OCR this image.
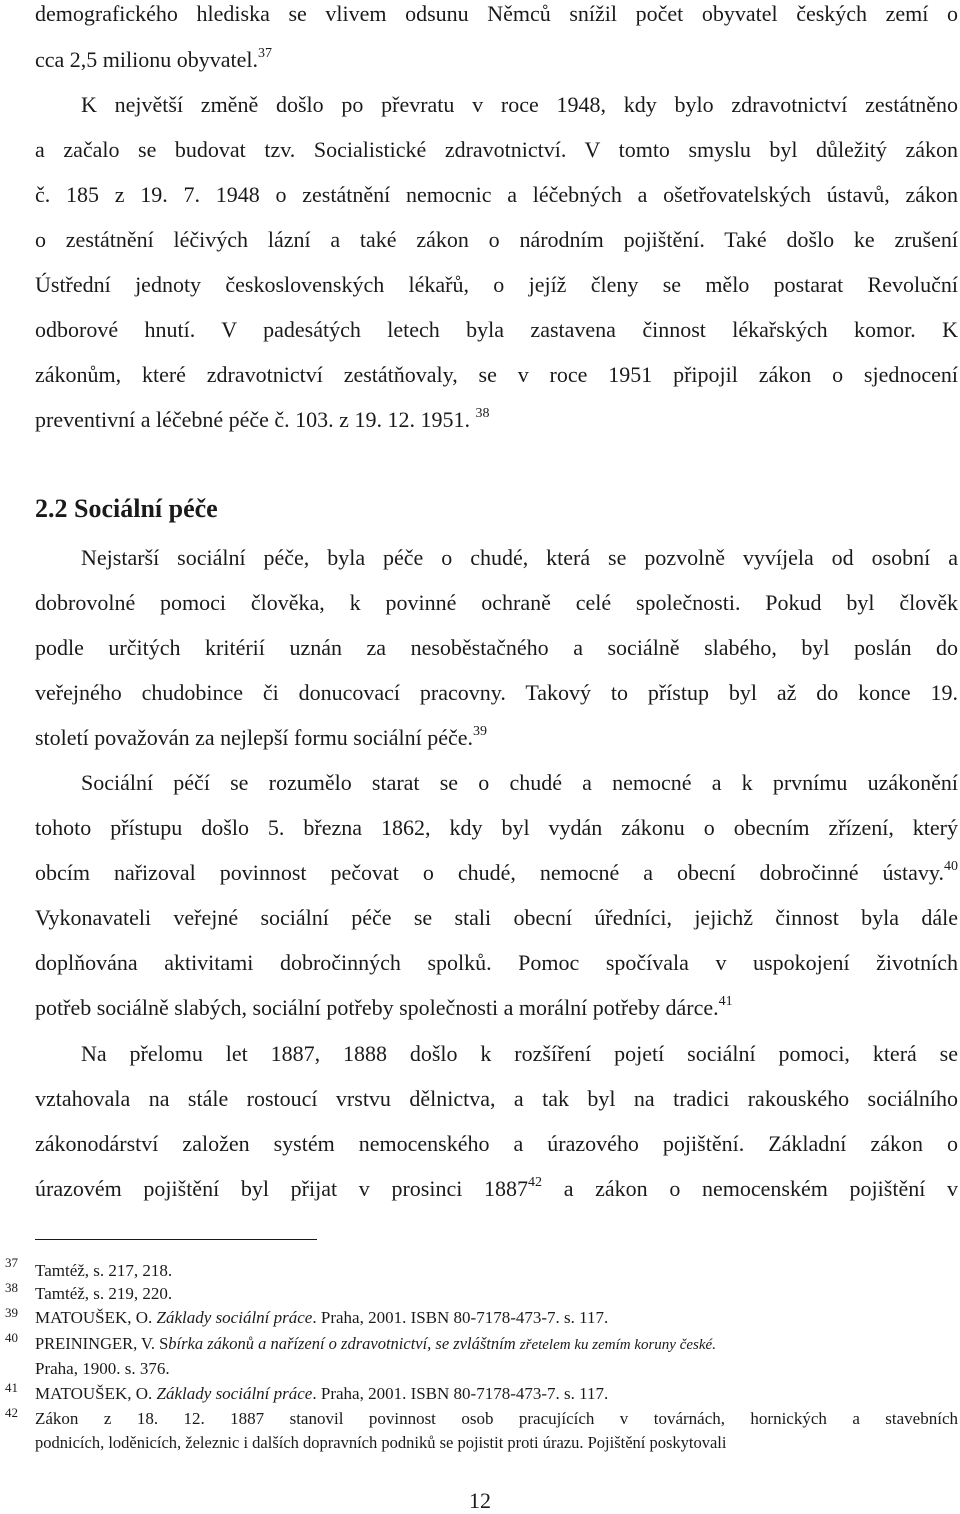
demografického hlediska se vlivem odsunu Němců snížil počet obyvatel českých zemí o
cca 2,5 milionu obyvatel.$^{37}$
K největší změně došlo po převratu v roce 1948, kdy bylo zdravotnictví zestátněno
a začalo se budovat tzv. Socialistické zdravotnictví. V tomto smyslu byl důležitý zákon
č. 185 z 19. 7. 1948 o zestátnění nemocnic a léčebných a ošetřovatelských ústavů, zákon
o zestátnění léčivých lázní a také zákon o národním pojištění. Také došlo ke zrušení
Ústřední jednoty československých lékařů, o jejíž členy se mělo postarat Revoluční
odborové hnutí. V padesátých letech byla zastavena činnost lékařských komor. K
zákonům, které zdravotnictví zestátňovaly, se v roce 1951 připojil zákon o sjednocení
preventivní a léčebné péče č. 103. z 19. 12. 1951. $^{38}$
2.2 Sociální péče
Nejstarší sociální péče, byla péče o chudé, která se pozvolně vyvíjela od osobní a
dobrovolné pomoci člověka, k povinné ochraně celé společnosti. Pokud byl člověk
podle určitých kritérií uznán za nesoběstačného a sociálně slabého, byl poslán do
veřejného chudobince či donucovací pracovny. Takový to přístup byl až do konce 19.
století považován za nejlepší formu sociální péče.$^{39}$
Sociální péčí se rozumělo starat se o chudé a nemocné a k prvnímu uzákonění
tohoto přístupu došlo 5. března 1862, kdy byl vydán zákonu o obecním zřízení, který
obcím nařizoval povinnost pečovat o chudé, nemocné a obecní dobročinné ústavy.$^{40}$
Vykonavateli veřejné sociální péče se stali obecní úředníci, jejichž činnost byla dále
doplňována aktivitami dobročinných spolků. Pomoc spočívala v uspokojení životních
potřeb sociálně slabých, sociální potřeby společnosti a morální potřeby dárce.$^{41}$
Na přelomu let 1887, 1888 došlo k rozšíření pojetí sociální pomoci, která se
vztahovala na stále rostoucí vrstvu dělnictva, a tak byl na tradici rakouského sociálního
zákonodárství založen systém nemocenského a úrazového pojištění. Základní zákon o
úrazovém pojištění byl přijat v prosinci 1887$^{42}$ a zákon o nemocenském pojištění v
37
38
39
40
41
42
Tamtéž, s. 217, 218.
Tamtéž, s. 219, 220.
MATOUŠEK, O. Základy sociální práce. Praha, 2001. ISBN 80-7178-473-7. s. 117.
PREININGER, V. Sbírka zákonů a nařízení o zdravotnictví, se zvláštním zřetelem ku zemím koruny české.
Praha, 1900. s. 376.
MATOUŠEK, O. Základy sociální práce. Praha, 2001. ISBN 80-7178-473-7. s. 117.
Zákon z 18. 12. 1887 stanovil povinnost osob pracujících v továrnách, hornických a stavebních
podnicích, loděnicích, železnic i dalších dopravních podniků se pojistit proti úrazu. Pojištění poskytovali
12
